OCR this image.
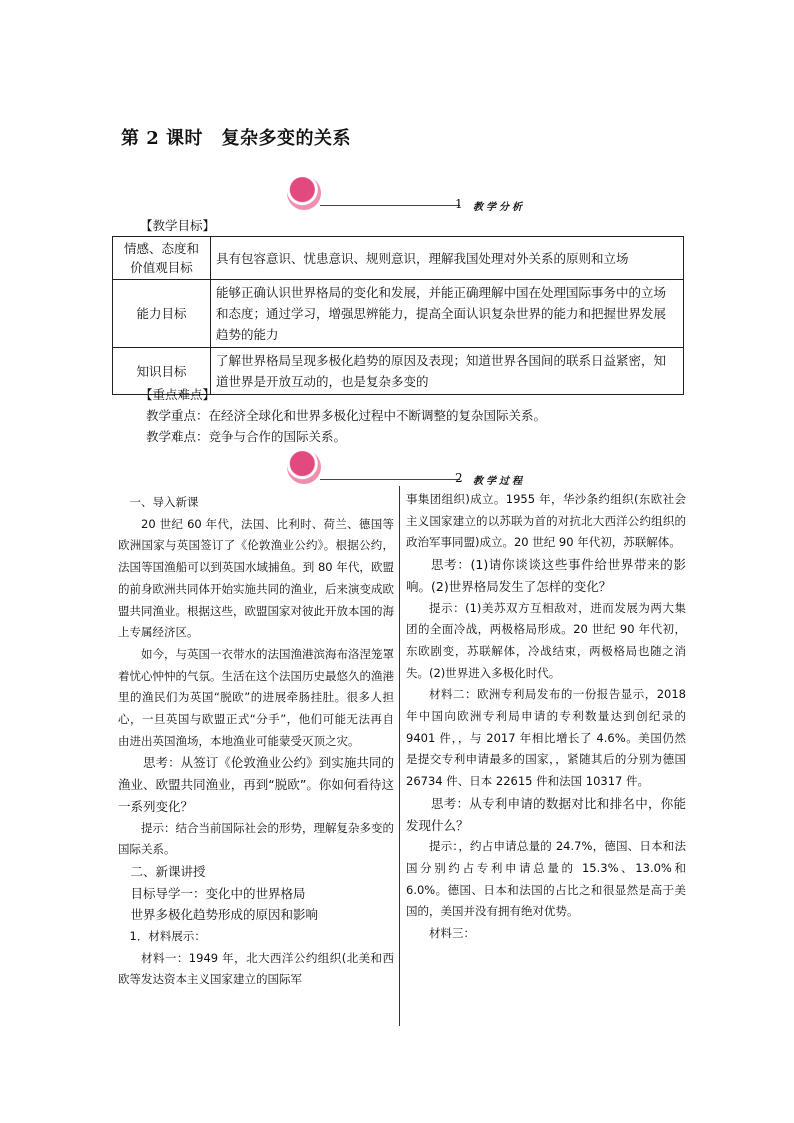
第 2 课时　复杂多变的关系
1 教学分析
【教学目标】
情感、态度和价值观目标	具有包容意识、忧患意识、规则意识，理解我国处理对外关系的原则和立场
能力目标	能够正确认识世界格局的变化和发展，并能正确理解中国在处理国际事务中的立场和态度；通过学习，增强思辨能力，提高全面认识复杂世界的能力和把握世界发展趋势的能力
知识目标	了解世界格局呈现多极化趋势的原因及表现；知道世界各国间的联系日益紧密，知道世界是开放互动的，也是复杂多变的
【重点难点】
教学重点：在经济全球化和世界多极化过程中不断调整的复杂国际关系。
教学难点：竞争与合作的国际关系。
2 教学过程

一、导入新课

20 世纪 60 年代，法国、比利时、荷兰、德国等欧洲国家与英国签订了《伦敦渔业公约》。根据公约，法国等国渔船可以到英国水域捕鱼。到 80 年代，欧盟的前身欧洲共同体开始实施共同的渔业，后来演变成欧盟共同渔业。根据这些，欧盟国家对彼此开放本国的海上专属经济区。

如今，与英国一衣带水的法国渔港滨海布洛涅笼罩着忧心忡忡的气氛。生活在这个法国历史最悠久的渔港里的渔民们为英国“脱欧”的进展牵肠挂肚。很多人担心，一旦英国与欧盟正式“分手”，他们可能无法再自由进出英国渔场，本地渔业可能蒙受灭顶之灾。

思考：从签订《伦敦渔业公约》到实施共同的渔业、欧盟共同渔业，再到“脱欧”。你如何看待这一系列变化？

提示：结合当前国际社会的形势，理解复杂多变的国际关系。

二、新课讲授

目标导学一：变化中的世界格局

世界多极化趋势形成的原因和影响

1．材料展示：

材料一：1949 年，北大西洋公约组织(北美和西欧等发达资本主义国家建立的国际军

事集团组织)成立。1955 年，华沙条约组织(东欧社会主义国家建立的以苏联为首的对抗北大西洋公约组织的政治军事同盟)成立。20 世纪 90 年代初，苏联解体。

思考：(1)请你谈谈这些事件给世界带来的影响。(2)世界格局发生了怎样的变化？

提示：(1)美苏双方互相敌对，进而发展为两大集团的全面冷战，两极格局形成。20 世纪 90 年代初，东欧剧变，苏联解体，冷战结束，两极格局也随之消失。(2)世界进入多极化时代。

材料二：欧洲专利局发布的一份报告显示，2018 年中国向欧洲专利局申请的专利数量达到创纪录的 9401 件，，与 2017 年相比增长了 4.6%。美国仍然是提交专利申请最多的国家，，紧随其后的分别为德国 26734 件、日本 22615 件和法国 10317 件。

思考：从专利申请的数据对比和排名中，你能发现什么？

提示：，约占申请总量的 24.7%，德国、日本和法国分别约占专利申请总量的 15.3%、13.0%和 6.0%。德国、日本和法国的占比之和很显然是高于美国的，美国并没有拥有绝对优势。

材料三：
